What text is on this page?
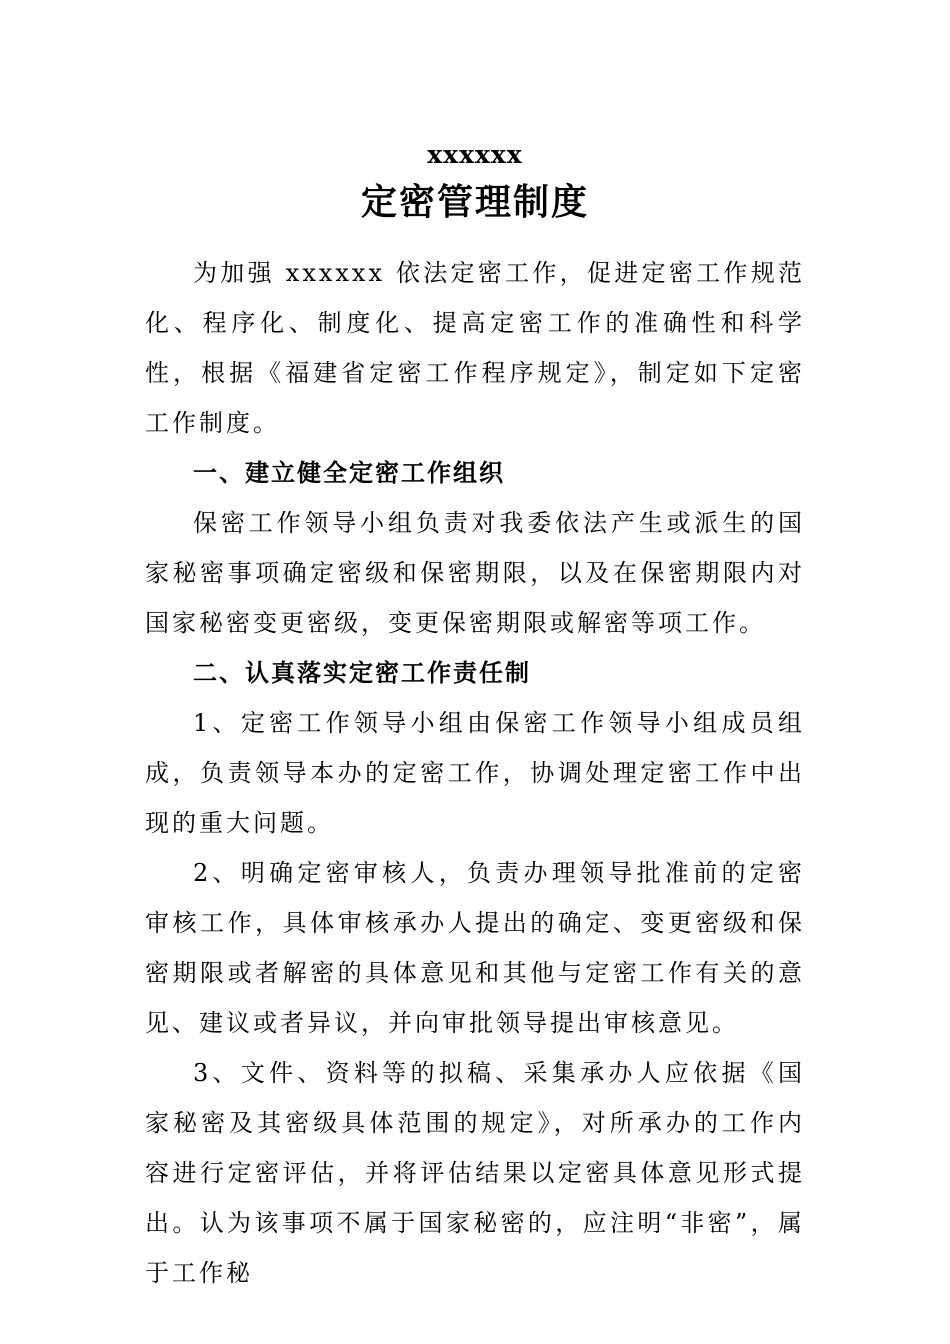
xxxxxx
定密管理制度

为加强 xxxxxx 依法定密工作，促进定密工作规范化、程序化、制度化、提高定密工作的准确性和科学性，根据《福建省定密工作程序规定》，制定如下定密工作制度。

一、建立健全定密工作组织

保密工作领导小组负责对我委依法产生或派生的国家秘密事项确定密级和保密期限，以及在保密期限内对国家秘密变更密级，变更保密期限或解密等项工作。

二、认真落实定密工作责任制

1、定密工作领导小组由保密工作领导小组成员组成，负责领导本办的定密工作，协调处理定密工作中出现的重大问题。

2、明确定密审核人，负责办理领导批准前的定密审核工作，具体审核承办人提出的确定、变更密级和保密期限或者解密的具体意见和其他与定密工作有关的意见、建议或者异议，并向审批领导提出审核意见。

3、文件、资料等的拟稿、采集承办人应依据《国家秘密及其密级具体范围的规定》，对所承办的工作内容进行定密评估，并将评估结果以定密具体意见形式提出。认为该事项不属于国家秘密的，应注明“非密”，属于工作秘
